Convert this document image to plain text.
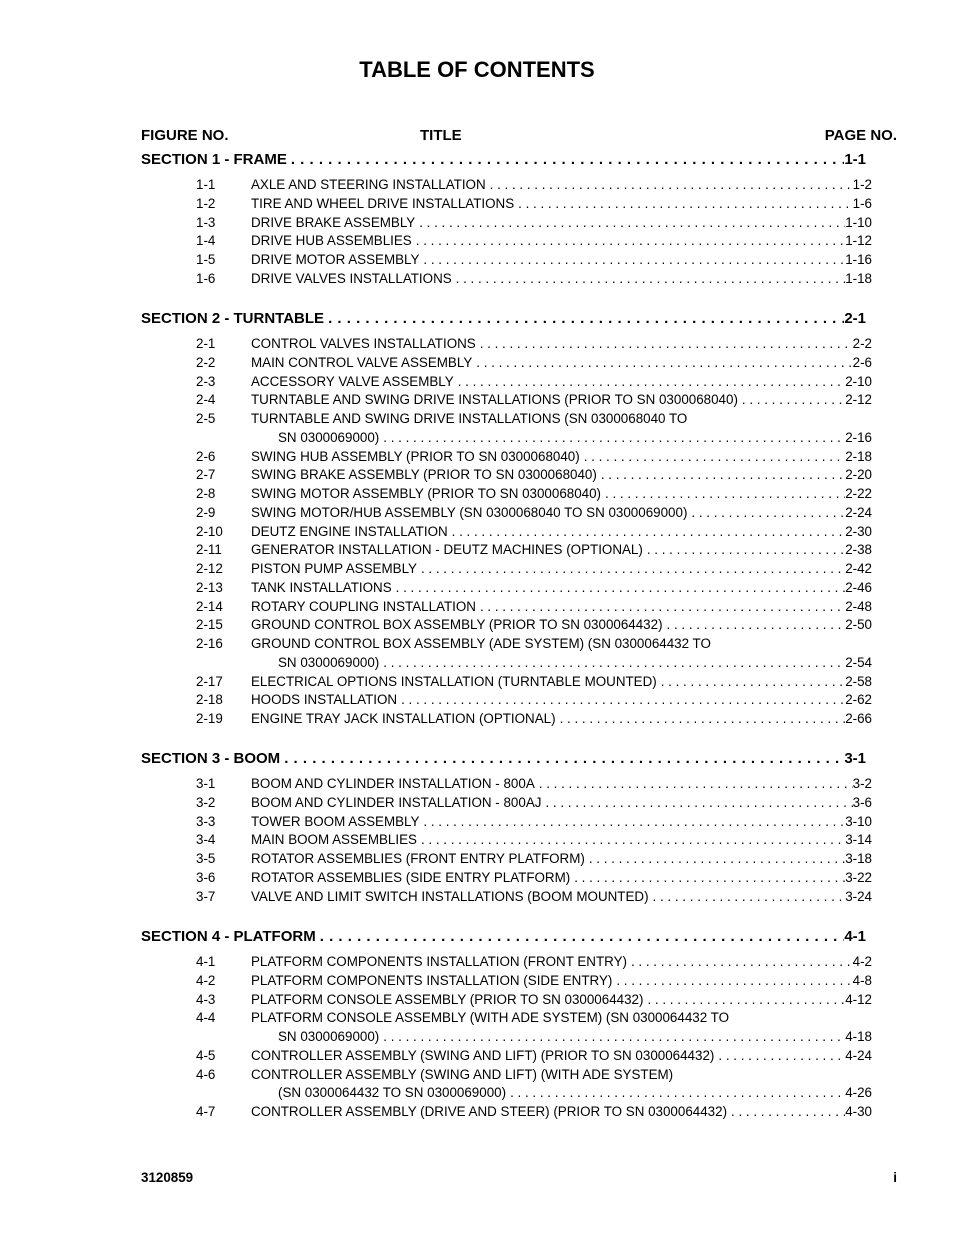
TABLE OF CONTENTS
FIGURE NO.	TITLE	PAGE NO.
SECTION 1 - FRAME . . .	1-1
1-1	AXLE AND STEERING INSTALLATION . . .	1-2
1-2	TIRE AND WHEEL DRIVE INSTALLATIONS . . .	1-6
1-3	DRIVE BRAKE ASSEMBLY . . .	1-10
1-4	DRIVE HUB ASSEMBLIES . . .	1-12
1-5	DRIVE MOTOR ASSEMBLY . . .	1-16
1-6	DRIVE VALVES INSTALLATIONS . . .	1-18
SECTION 2 - TURNTABLE . . .	2-1
2-1	CONTROL VALVES INSTALLATIONS . . .	2-2
2-2	MAIN CONTROL VALVE ASSEMBLY . . .	2-6
2-3	ACCESSORY VALVE ASSEMBLY . . .	2-10
2-4	TURNTABLE AND SWING DRIVE INSTALLATIONS (PRIOR TO SN 0300068040) . . .	2-12
2-5	TURNTABLE AND SWING DRIVE INSTALLATIONS (SN 0300068040 TO
SN 0300069000) . . .	2-16
2-6	SWING HUB ASSEMBLY (PRIOR TO SN 0300068040) . . .	2-18
2-7	SWING BRAKE ASSEMBLY (PRIOR TO SN 0300068040) . . .	2-20
2-8	SWING MOTOR ASSEMBLY (PRIOR TO SN 0300068040) . . .	2-22
2-9	SWING MOTOR/HUB ASSEMBLY (SN 0300068040 TO SN 0300069000) . . .	2-24
2-10	DEUTZ ENGINE INSTALLATION . . .	2-30
2-11	GENERATOR INSTALLATION - DEUTZ MACHINES (OPTIONAL) . . .	2-38
2-12	PISTON PUMP ASSEMBLY . . .	2-42
2-13	TANK INSTALLATIONS . . .	2-46
2-14	ROTARY COUPLING INSTALLATION . . .	2-48
2-15	GROUND CONTROL BOX ASSEMBLY (PRIOR TO SN 0300064432) . . .	2-50
2-16	GROUND CONTROL BOX ASSEMBLY (ADE SYSTEM) (SN 0300064432 TO
SN 0300069000) . . .	2-54
2-17	ELECTRICAL OPTIONS INSTALLATION (TURNTABLE MOUNTED) . . .	2-58
2-18	HOODS INSTALLATION . . .	2-62
2-19	ENGINE TRAY JACK INSTALLATION (OPTIONAL) . . .	2-66
SECTION 3 - BOOM . . .	3-1
3-1	BOOM AND CYLINDER INSTALLATION - 800A . . .	3-2
3-2	BOOM AND CYLINDER INSTALLATION - 800AJ . . .	3-6
3-3	TOWER BOOM ASSEMBLY . . .	3-10
3-4	MAIN BOOM ASSEMBLIES . . .	3-14
3-5	ROTATOR ASSEMBLIES (FRONT ENTRY PLATFORM) . . .	3-18
3-6	ROTATOR ASSEMBLIES (SIDE ENTRY PLATFORM) . . .	3-22
3-7	VALVE AND LIMIT SWITCH INSTALLATIONS (BOOM MOUNTED) . . .	3-24
SECTION 4 - PLATFORM . . .	4-1
4-1	PLATFORM COMPONENTS INSTALLATION (FRONT ENTRY) . . .	4-2
4-2	PLATFORM COMPONENTS INSTALLATION (SIDE ENTRY) . . .	4-8
4-3	PLATFORM CONSOLE ASSEMBLY (PRIOR TO SN 0300064432) . . .	4-12
4-4	PLATFORM CONSOLE ASSEMBLY (WITH ADE SYSTEM) (SN 0300064432 TO
SN 0300069000) . . .	4-18
4-5	CONTROLLER ASSEMBLY (SWING AND LIFT) (PRIOR TO SN 0300064432) . . .	4-24
4-6	CONTROLLER ASSEMBLY (SWING AND LIFT) (WITH ADE SYSTEM)
(SN 0300064432 TO SN 0300069000) . . .	4-26
4-7	CONTROLLER ASSEMBLY (DRIVE AND STEER) (PRIOR TO SN 0300064432) . . .	4-30
3120859	i
